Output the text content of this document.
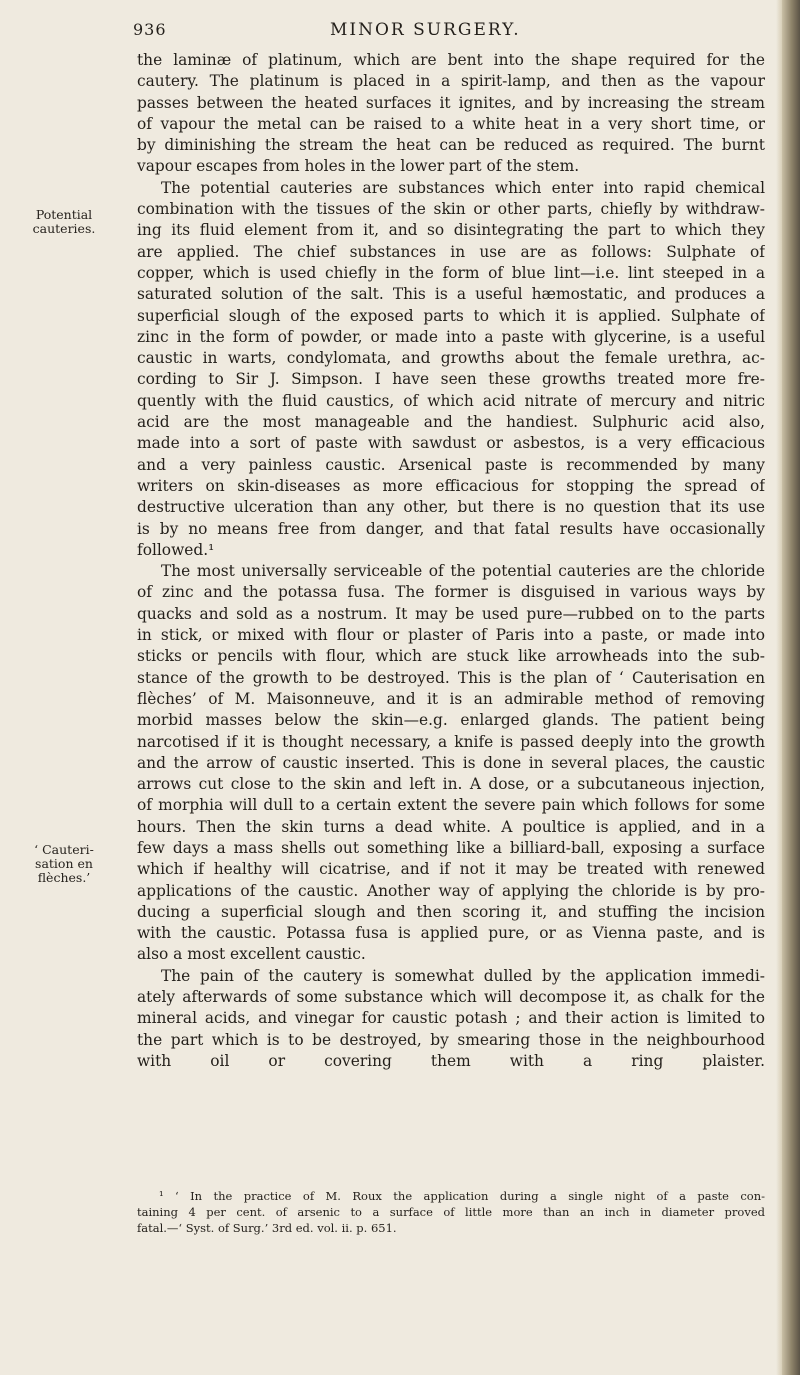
936	MINOR SURGERY.
Potential
cauteries.
‘ Cauteri-
sation en
flèches.’
the laminæ of platinum, which are bent into the shape required for the
cautery. The platinum is placed in a spirit-lamp, and then as the vapour
passes between the heated surfaces it ignites, and by increasing the stream
of vapour the metal can be raised to a white heat in a very short time, or
by diminishing the stream the heat can be reduced as required. The burnt
vapour escapes from holes in the lower part of the stem.
The potential cauteries are substances which enter into rapid chemical
combination with the tissues of the skin or other parts, chiefly by withdraw-
ing its fluid element from it, and so disintegrating the part to which they
are applied. The chief substances in use are as follows: Sulphate of
copper, which is used chiefly in the form of blue lint—i.e. lint steeped in a
saturated solution of the salt. This is a useful hæmostatic, and produces a
superficial slough of the exposed parts to which it is applied. Sulphate of
zinc in the form of powder, or made into a paste with glycerine, is a useful
caustic in warts, condylomata, and growths about the female urethra, ac-
cording to Sir J. Simpson. I have seen these growths treated more fre-
quently with the fluid caustics, of which acid nitrate of mercury and nitric
acid are the most manageable and the handiest. Sulphuric acid also,
made into a sort of paste with sawdust or asbestos, is a very efficacious
and a very painless caustic. Arsenical paste is recommended by many
writers on skin-diseases as more efficacious for stopping the spread of
destructive ulceration than any other, but there is no question that its use
is by no means free from danger, and that fatal results have occasionally
followed.¹
The most universally serviceable of the potential cauteries are the chloride
of zinc and the potassa fusa. The former is disguised in various ways by
quacks and sold as a nostrum. It may be used pure—rubbed on to the parts
in stick, or mixed with flour or plaster of Paris into a paste, or made into
sticks or pencils with flour, which are stuck like arrowheads into the sub-
stance of the growth to be destroyed. This is the plan of ‘ Cauterisation en
flèches’ of M. Maisonneuve, and it is an admirable method of removing
morbid masses below the skin—e.g. enlarged glands. The patient being
narcotised if it is thought necessary, a knife is passed deeply into the growth
and the arrow of caustic inserted. This is done in several places, the caustic
arrows cut close to the skin and left in. A dose, or a subcutaneous injection,
of morphia will dull to a certain extent the severe pain which follows for some
hours. Then the skin turns a dead white. A poultice is applied, and in a
few days a mass shells out something like a billiard-ball, exposing a surface
which if healthy will cicatrise, and if not it may be treated with renewed
applications of the caustic. Another way of applying the chloride is by pro-
ducing a superficial slough and then scoring it, and stuffing the incision
with the caustic. Potassa fusa is applied pure, or as Vienna paste, and is
also a most excellent caustic.
The pain of the cautery is somewhat dulled by the application immedi-
ately afterwards of some substance which will decompose it, as chalk for the
mineral acids, and vinegar for caustic potash ; and their action is limited to
the part which is to be destroyed, by smearing those in the neighbourhood
with oil or covering them with a ring plaister.
¹ ‘ In the practice of M. Roux the application during a single night of a paste con-
taining 4 per cent. of arsenic to a surface of little more than an inch in diameter proved
fatal.—‘ Syst. of Surg.’ 3rd ed. vol. ii. p. 651.
